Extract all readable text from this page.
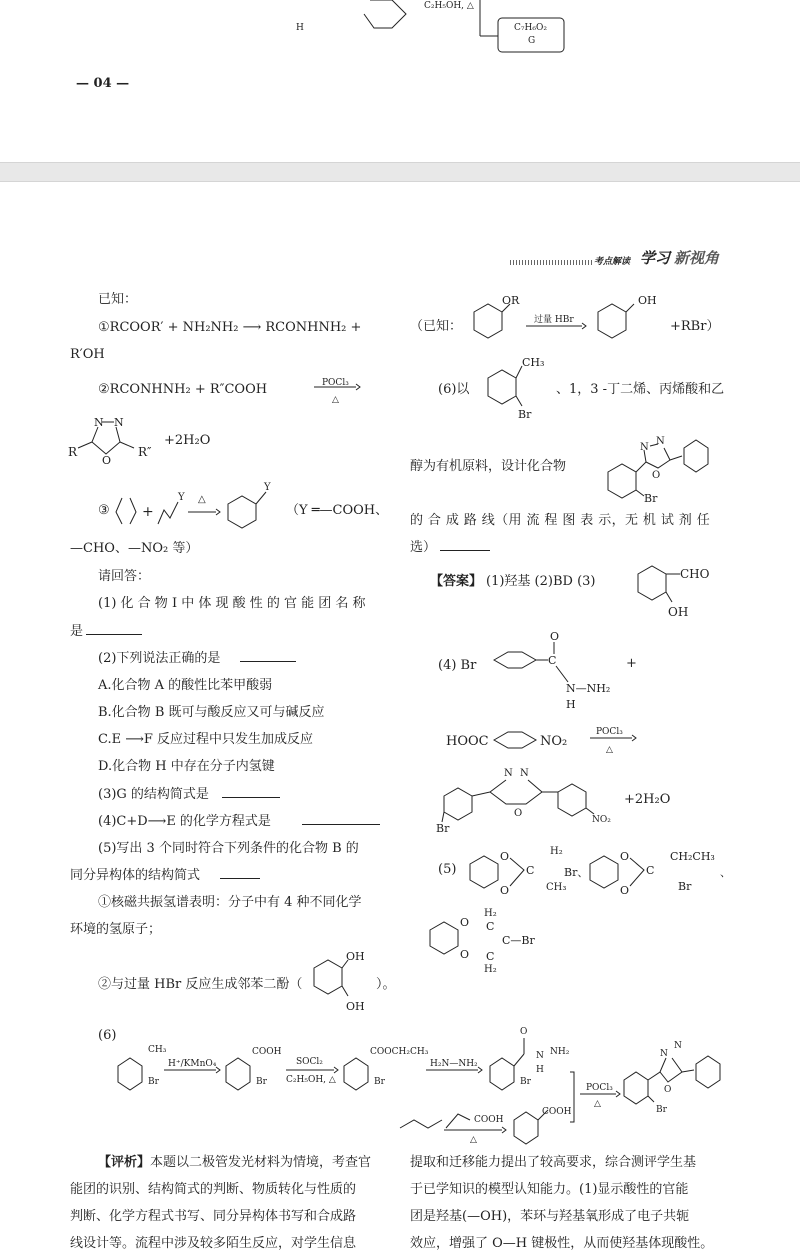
H
C₂H₅OH, △
C₇H₆O₂
G
— 04 —
考点解读 学习 新视角
已知：
①RCOOR′ + NH₂NH₂ ⟶ RCONHNH₂ +
R′OH
②RCONHNH₂ + R″COOH	POCl₃
△
N N
O
R	R″
+2H₂O
③ +
Y △
Y
（Y ═—COOH、
—CHO、—NO₂ 等）
请回答：
(1) 化 合 物 I 中 体 现 酸 性 的 官 能 团 名 称
是
(2)下列说法正确的是
A.化合物 A 的酸性比苯甲酸弱
B.化合物 B 既可与酸反应又可与碱反应
C.E ⟶F 反应过程中只发生加成反应
D.化合物 H 中存在分子内氢键
(3)G 的结构简式是
(4)C+D⟶E 的化学方程式是
(5)写出 3 个同时符合下列条件的化合物 B 的
同分异构体的结构简式
①核磁共振氢谱表明：分子中有 4 种不同化学
环境的氢原子；
②与过量 HBr 反应生成邻苯二酚（
OH
OH
）。
（已知：
OR	OH
过量 HBr	+RBr）
(6)以
CH₃
Br
、1，3 -丁二烯、丙烯酸和乙
醇为有机原料，设计化合物
N
N
O
Br
的 合 成 路 线（用 流 程 图 表 示，无 机 试 剂 任
选）
【答案】 (1)羟基 (2)BD (3)	CHO
OH
(4) Br	C
O
N—NH₂
H
+
HOOC	NO₂
POCl₃
△
Br
N N
O
NO₂
+2H₂O
(5)
O
O
C
H₂
Br、
CH₃
O
O
C
CH₂CH₃
Br
、
O
O
H₂
C
C—Br
C
H₂
(6)	O
N
H
NH₂	N
N
O
CH₃
Br
H⁺/KMnO₄
COOH
Br
SOCl₂
C₂H₅OH, △
COOCH₂CH₃
Br
H₂N—NH₂
Br
POCl₃
△
Br
COOH
△
COOH
【评析】本题以二极管发光材料为情境，考查官
能团的识别、结构简式的判断、物质转化与性质的
判断、化学方程式书写、同分异构体书写和合成路
线设计等。流程中涉及较多陌生反应，对学生信息
提取和迁移能力提出了较高要求，综合测评学生基
于已学知识的模型认知能力。(1)显示酸性的官能
团是羟基(—OH)，苯环与羟基氧形成了电子共轭
效应，增强了 O—H 键极性，从而使羟基体现酸性。
